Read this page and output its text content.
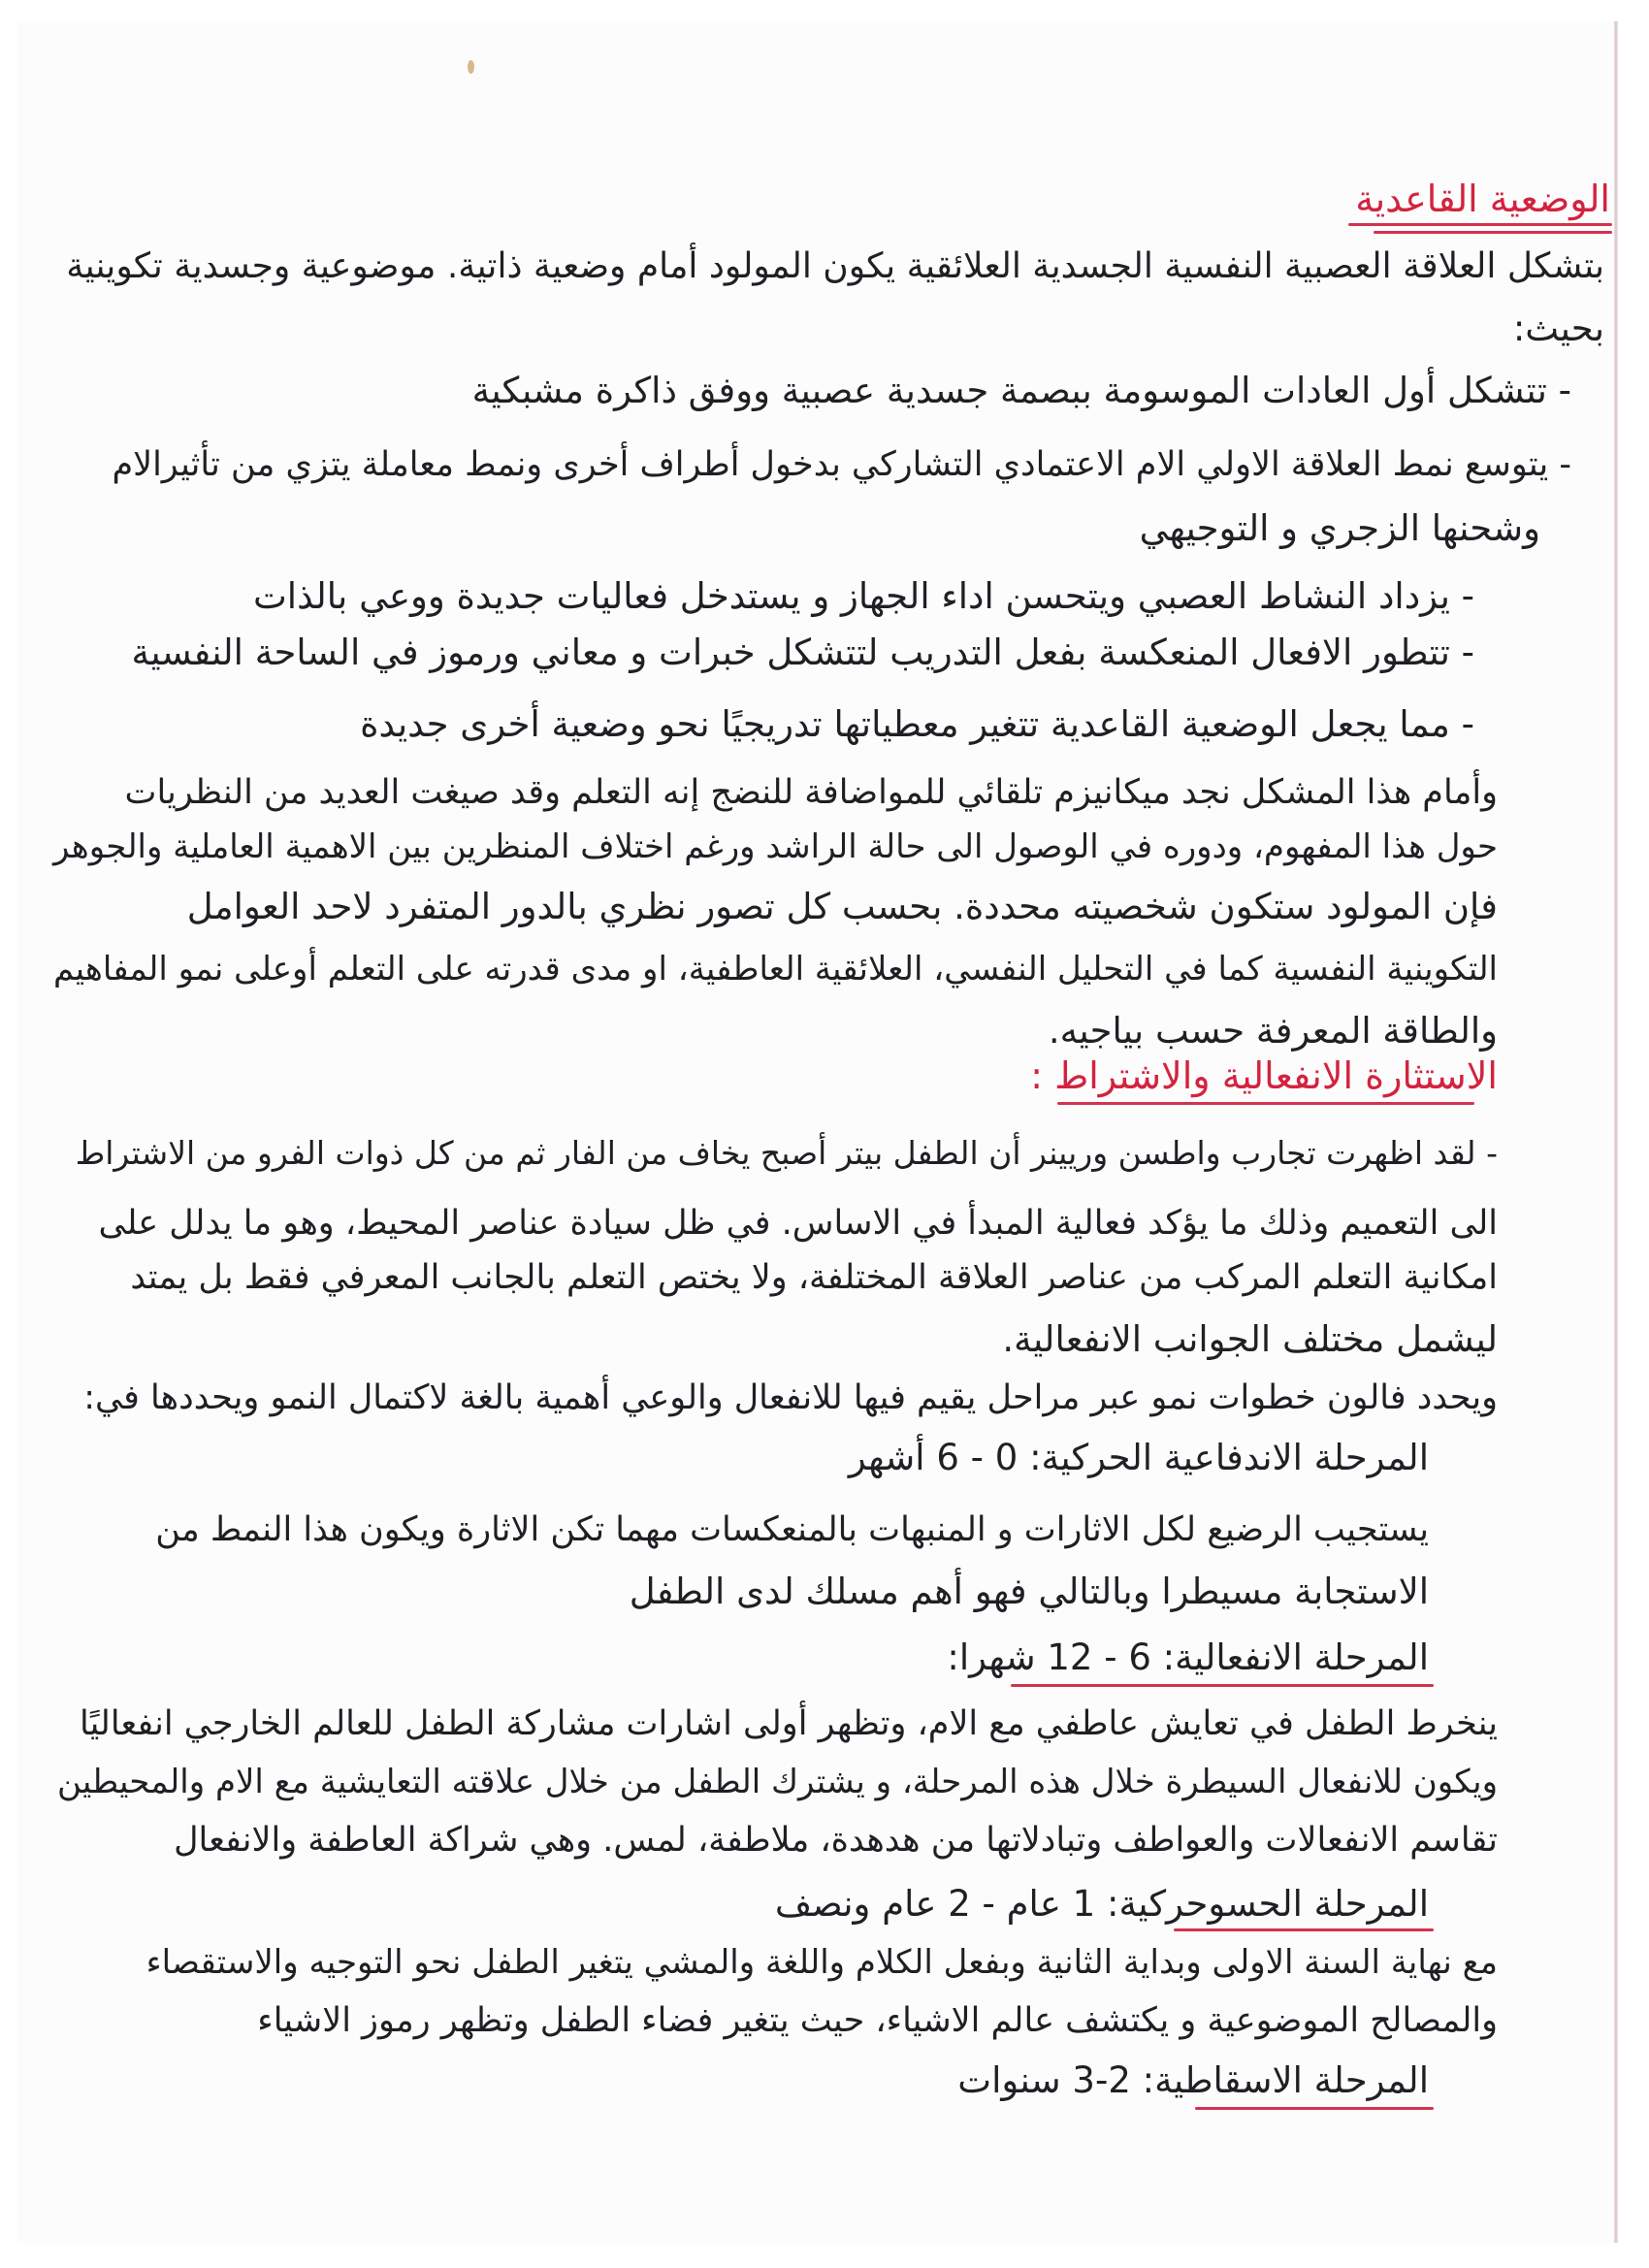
الوضعية القاعدية
بتشكل العلاقة العصبية النفسية الجسدية العلائقية يكون المولود أمام وضعية ذاتية. موضوعية وجسدية تكوينية
بحيث:
- تتشكل أول العادات الموسومة ببصمة جسدية عصبية ووفق ذاكرة مشبكية
- يتوسع نمط العلاقة الاولي الام الاعتمادي التشاركي بدخول أطراف أخرى ونمط معاملة يتزي من تأثيرالام
وشحنها الزجري و التوجيهي
- يزداد النشاط العصبي ويتحسن اداء الجهاز و يستدخل فعاليات جديدة ووعي بالذات
- تتطور الافعال المنعكسة بفعل التدريب لتتشكل خبرات و معاني ورموز في الساحة النفسية
- مما يجعل الوضعية القاعدية تتغير معطياتها تدريجيًا نحو وضعية أخرى جديدة
وأمام هذا المشكل نجد ميكانيزم تلقائي للمواضافة للنضج إنه التعلم وقد صيغت العديد من النظريات
حول هذا المفهوم، ودوره في الوصول الى حالة الراشد ورغم اختلاف المنظرين بين الاهمية العاملية والجوهر
فإن المولود ستكون شخصيته محددة. بحسب كل تصور نظري بالدور المتفرد لاحد العوامل
التكوينية النفسية كما في التحليل النفسي، العلائقية العاطفية، او مدى قدرته على التعلم أوعلى نمو المفاهيم
والطاقة المعرفة حسب بياجيه.
الاستثارة الانفعالية والاشتراط :
- لقد اظهرت تجارب واطسن وريينر أن الطفل بيتر أصبح يخاف من الفار ثم من كل ذوات الفرو من الاشتراط
الى التعميم وذلك ما يؤكد فعالية المبدأ في الاساس. في ظل سيادة عناصر المحيط، وهو ما يدلل على
امكانية التعلم المركب من عناصر العلاقة المختلفة، ولا يختص التعلم بالجانب المعرفي فقط بل يمتد
ليشمل مختلف الجوانب الانفعالية.
ويحدد فالون خطوات نمو عبر مراحل يقيم فيها للانفعال والوعي أهمية بالغة لاكتمال النمو ويحددها في:
المرحلة الاندفاعية الحركية: 0 - 6 أشهر
يستجيب الرضيع لكل الاثارات و المنبهات بالمنعكسات مهما تكن الاثارة ويكون هذا النمط من
الاستجابة مسيطرا وبالتالي فهو أهم مسلك لدى الطفل
المرحلة الانفعالية: 6 - 12 شهرا:
ينخرط الطفل في تعايش عاطفي مع الام، وتظهر أولى اشارات مشاركة الطفل للعالم الخارجي انفعاليًا
ويكون للانفعال السيطرة خلال هذه المرحلة، و يشترك الطفل من خلال علاقته التعايشية مع الام والمحيطين
تقاسم الانفعالات والعواطف وتبادلاتها من هدهدة، ملاطفة، لمس. وهي شراكة العاطفة والانفعال
المرحلة الحسوحركية: 1 عام - 2 عام ونصف
مع نهاية السنة الاولى وبداية الثانية وبفعل الكلام واللغة والمشي يتغير الطفل نحو التوجيه والاستقصاء
والمصالح الموضوعية و يكتشف عالم الاشياء، حيث يتغير فضاء الطفل وتظهر رموز الاشياء
المرحلة الاسقاطية: 2-3 سنوات
